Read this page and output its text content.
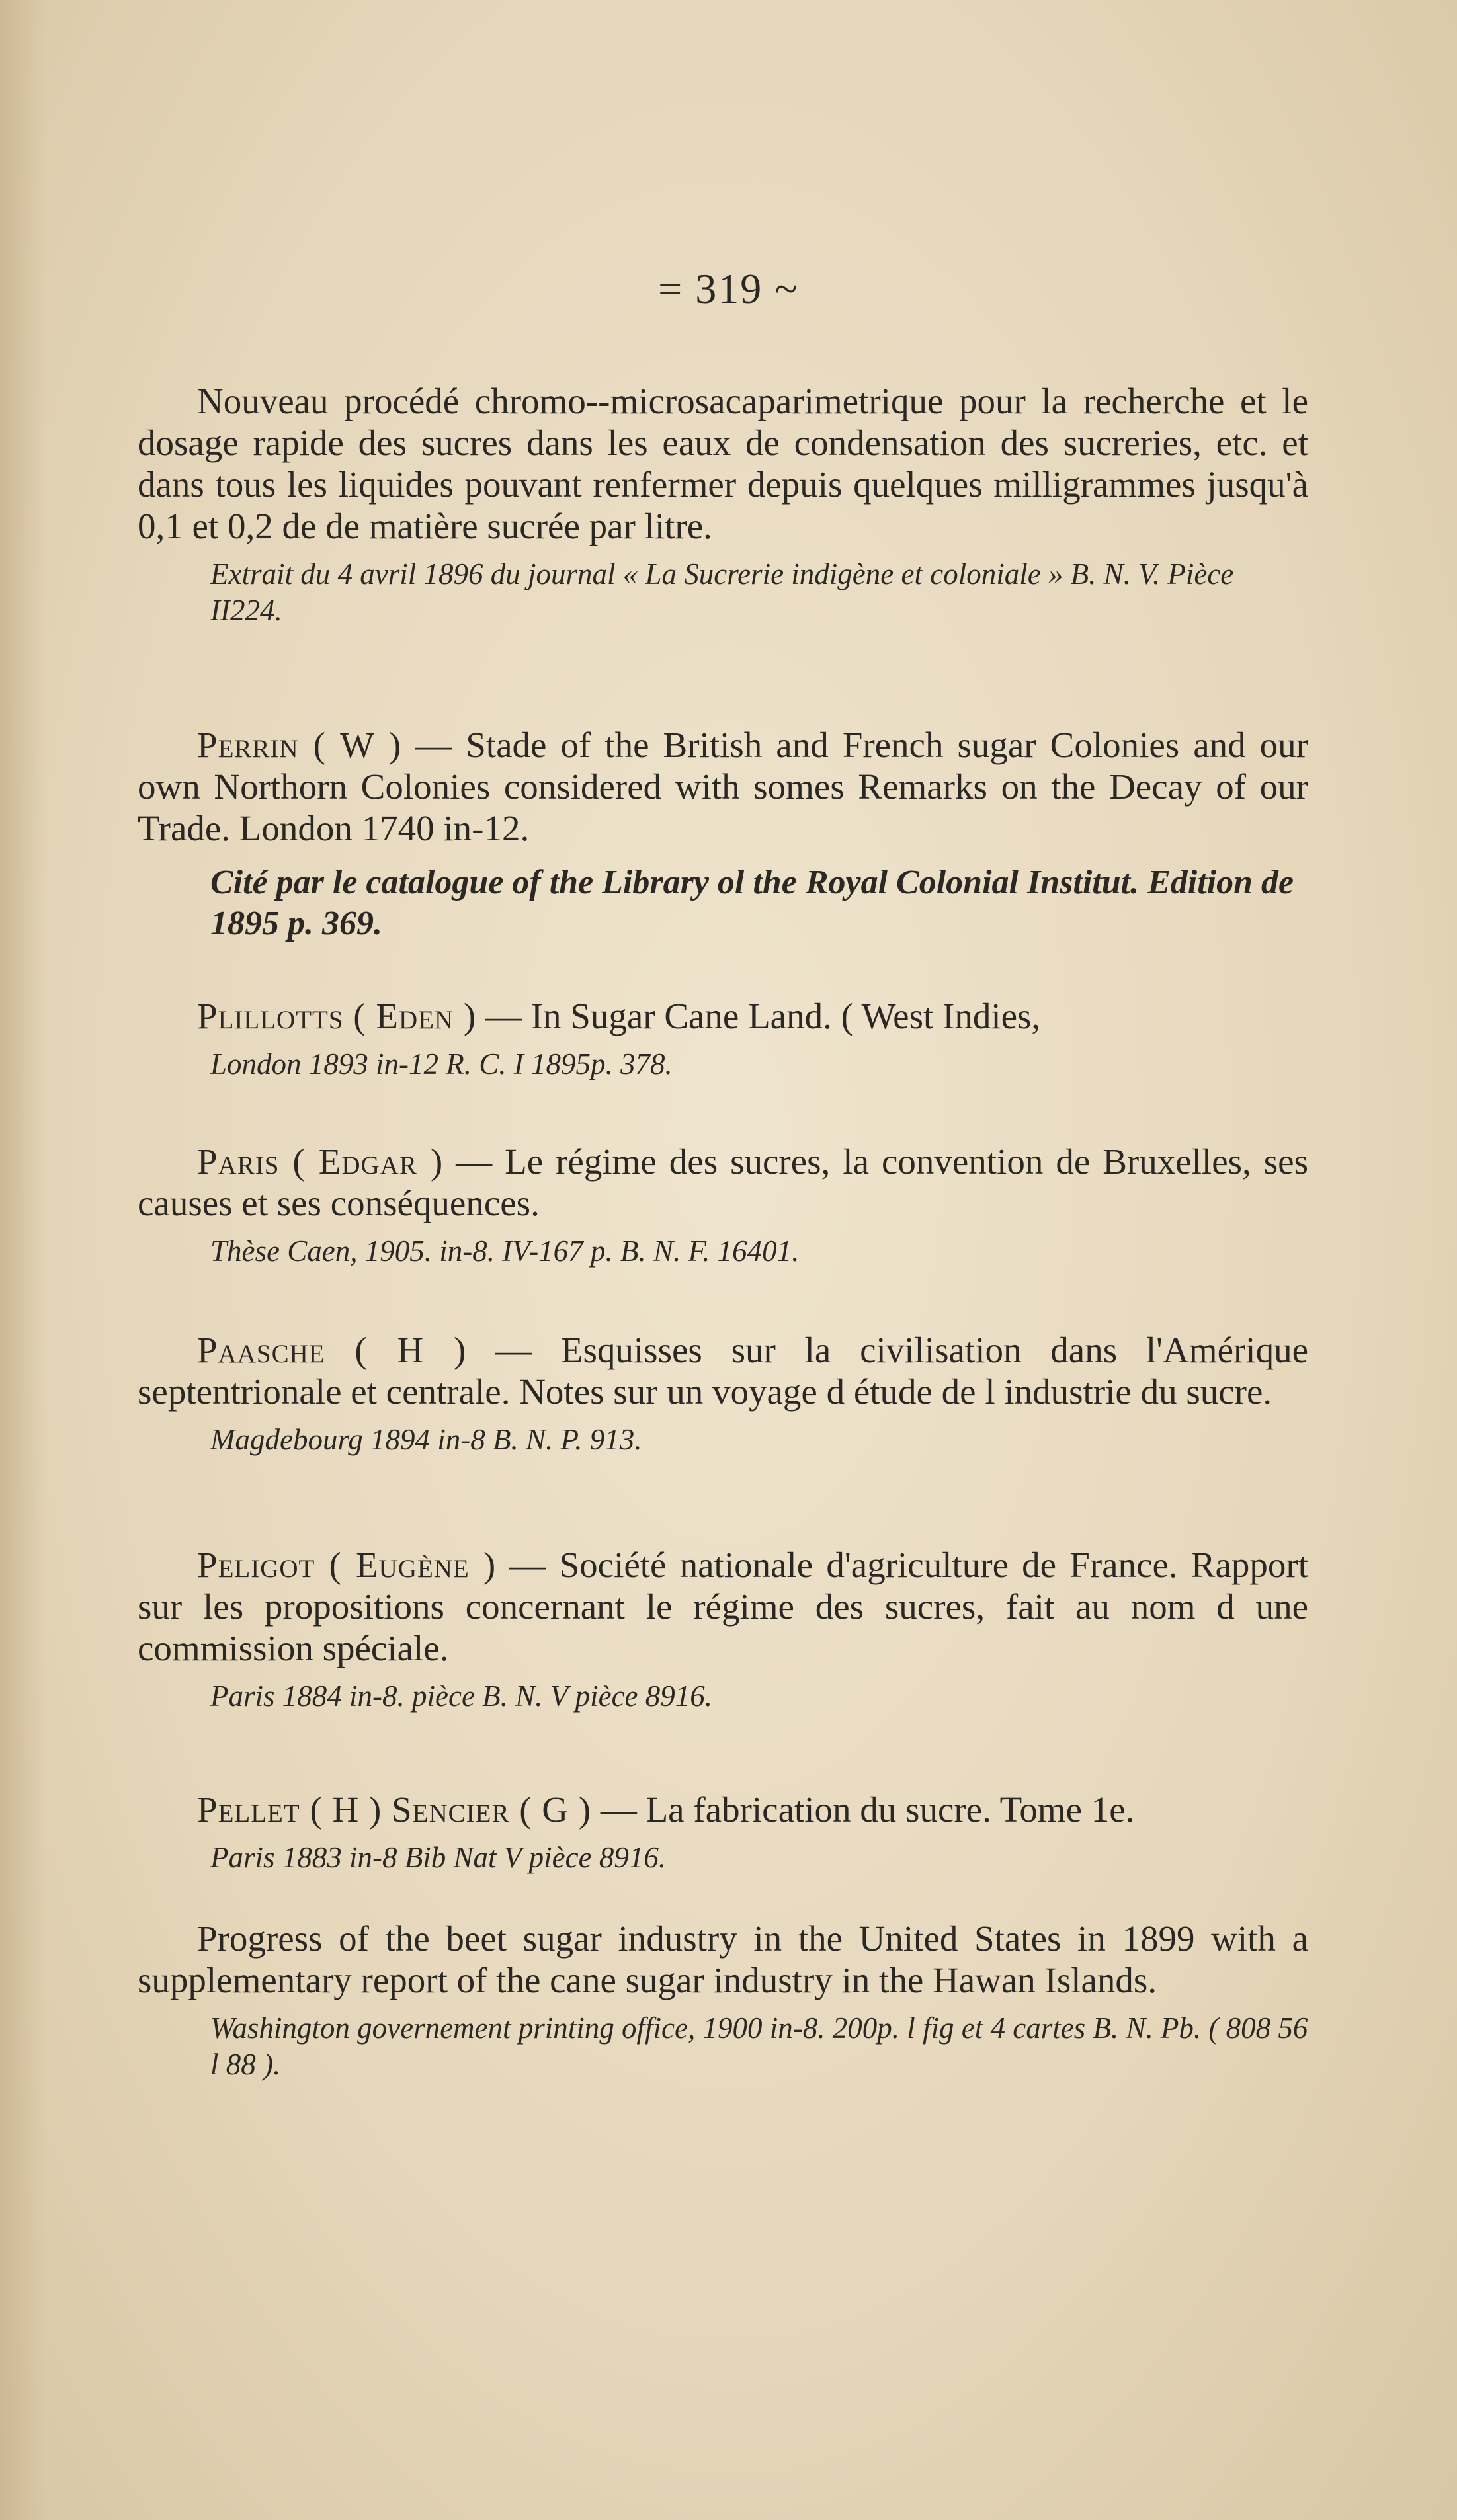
= 319 ~

Nouveau procédé chromo--microsacaparimetrique pour la recherche et le dosage rapide des sucres dans les eaux de condensation des sucreries, etc. et dans tous les liquides pouvant renfermer depuis quelques milligrammes jusqu'à 0,1 et 0,2 de de matière sucrée par litre.

Extrait du 4 avril 1896 du journal « La Sucrerie indigène et coloniale » B. N. V. Pièce II224.

Perrin ( W ) — Stade of the British and French sugar Colonies and our own Northorn Colonies considered with somes Remarks on the Decay of our Trade. London 1740 in-12.

Cité par le catalogue of the Library ol the Royal Colonial Institut. Edition de 1895 p. 369.

Plillotts ( Eden ) — In Sugar Cane Land. ( West Indies,

London 1893 in-12 R. C. I 1895p. 378.

Paris ( Edgar ) — Le régime des sucres, la convention de Bruxelles, ses causes et ses conséquences.

Thèse Caen, 1905. in-8. IV-167 p. B. N. F. 16401.

Paasche ( H ) — Esquisses sur la civilisation dans l'Amérique septentrionale et centrale. Notes sur un voyage d étude de l industrie du sucre.

Magdebourg 1894 in-8 B. N. P. 913.

Peligot ( Eugène ) — Société nationale d'agriculture de France. Rapport sur les propositions concernant le régime des sucres, fait au nom d une commission spéciale.

Paris 1884 in-8. pièce B. N. V pièce 8916.

Pellet ( H ) Sencier ( G ) — La fabrication du sucre. Tome 1e.

Paris 1883 in-8 Bib Nat V pièce 8916.

Progress of the beet sugar industry in the United States in 1899 with a supplementary report of the cane sugar industry in the Hawan Islands.

Washington governement printing office, 1900 in-8. 200p. l fig et 4 cartes B. N. Pb. ( 808 56 l 88 ).
